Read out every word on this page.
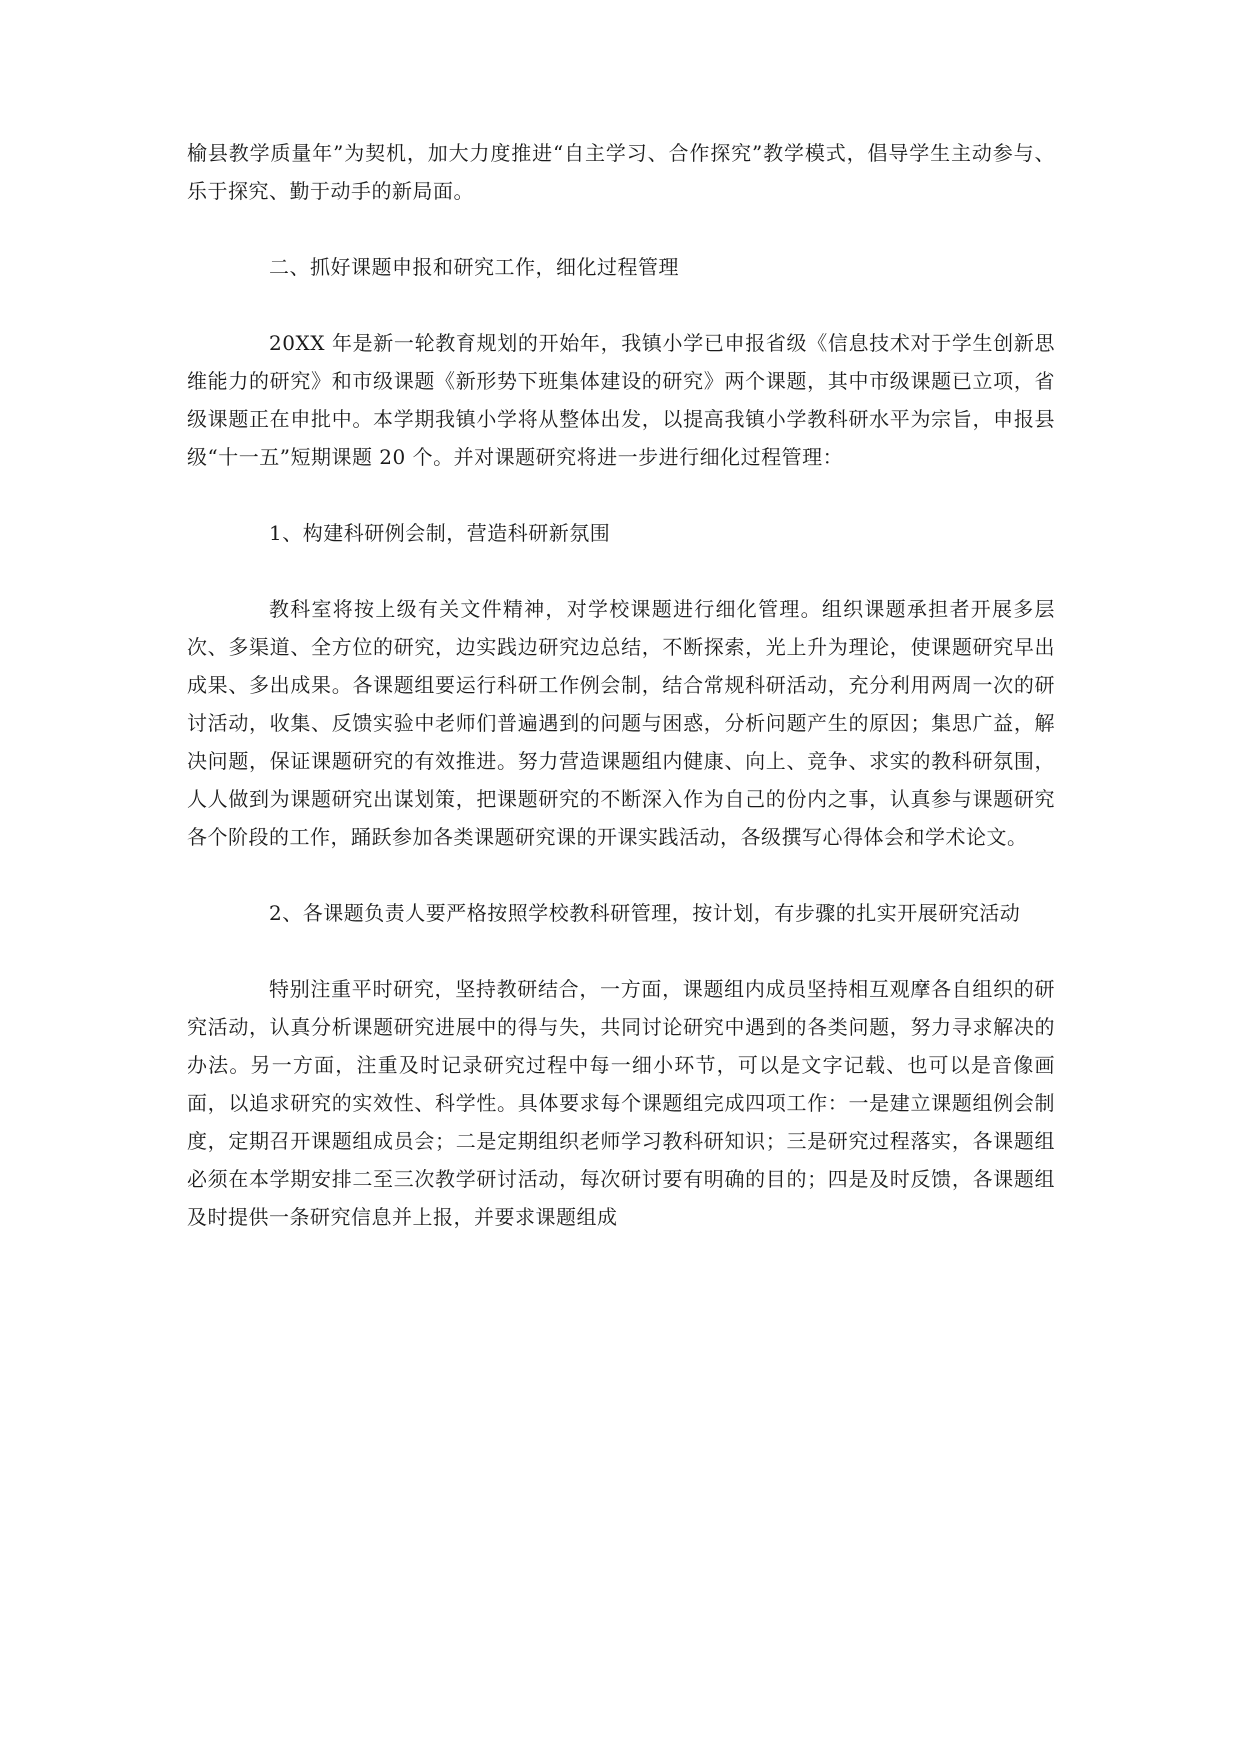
榆县教学质量年”为契机，加大力度推进“自主学习、合作探究”教学模式，倡导学生主动参与、乐于探究、勤于动手的新局面。

二、抓好课题申报和研究工作，细化过程管理

20XX 年是新一轮教育规划的开始年，我镇小学已申报省级《信息技术对于学生创新思维能力的研究》和市级课题《新形势下班集体建设的研究》两个课题，其中市级课题已立项，省级课题正在申批中。本学期我镇小学将从整体出发，以提高我镇小学教科研水平为宗旨，申报县级“十一五”短期课题 20 个。并对课题研究将进一步进行细化过程管理：

1、构建科研例会制，营造科研新氛围

教科室将按上级有关文件精神，对学校课题进行细化管理。组织课题承担者开展多层次、多渠道、全方位的研究，边实践边研究边总结，不断探索，光上升为理论，使课题研究早出成果、多出成果。各课题组要运行科研工作例会制，结合常规科研活动，充分利用两周一次的研讨活动，收集、反馈实验中老师们普遍遇到的问题与困惑，分析问题产生的原因；集思广益，解决问题，保证课题研究的有效推进。努力营造课题组内健康、向上、竞争、求实的教科研氛围，人人做到为课题研究出谋划策，把课题研究的不断深入作为自己的份内之事，认真参与课题研究各个阶段的工作，踊跃参加各类课题研究课的开课实践活动，各级撰写心得体会和学术论文。

2、各课题负责人要严格按照学校教科研管理，按计划，有步骤的扎实开展研究活动

特别注重平时研究，坚持教研结合，一方面，课题组内成员坚持相互观摩各自组织的研究活动，认真分析课题研究进展中的得与失，共同讨论研究中遇到的各类问题，努力寻求解决的办法。另一方面，注重及时记录研究过程中每一细小环节，可以是文字记载、也可以是音像画面，以追求研究的实效性、科学性。具体要求每个课题组完成四项工作：一是建立课题组例会制度，定期召开课题组成员会；二是定期组织老师学习教科研知识；三是研究过程落实，各课题组必须在本学期安排二至三次教学研讨活动，每次研讨要有明确的目的；四是及时反馈，各课题组及时提供一条研究信息并上报，并要求课题组成
